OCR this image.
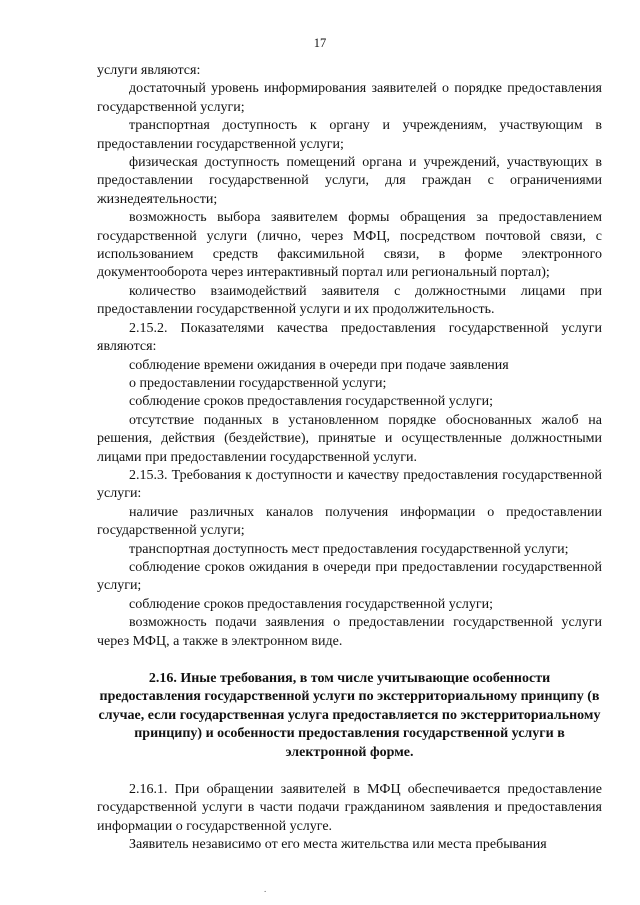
17

услуги являются:

достаточный уровень информирования заявителей о порядке предоставления государственной услуги;

транспортная доступность к органу и учреждениям, участвующим в предоставлении государственной услуги;

физическая доступность помещений органа и учреждений, участвующих в предоставлении государственной услуги, для граждан с ограничениями жизнедеятельности;

возможность выбора заявителем формы обращения за предоставлением государственной услуги (лично, через МФЦ, посредством почтовой связи, с использованием средств факсимильной связи, в форме электронного документооборота через интерактивный портал или региональный портал);

количество взаимодействий заявителя с должностными лицами при предоставлении государственной услуги и их продолжительность.

2.15.2. Показателями качества предоставления государственной услуги являются:

соблюдение времени ожидания в очереди при подаче заявления

о предоставлении государственной услуги;

соблюдение сроков предоставления государственной услуги;

отсутствие поданных в установленном порядке обоснованных жалоб на решения, действия (бездействие), принятые и осуществленные должностными лицами при предоставлении государственной услуги.

2.15.3. Требования к доступности и качеству предоставления государственной услуги:

наличие различных каналов получения информации о предоставлении государственной услуги;

транспортная доступность мест предоставления государственной услуги;

соблюдение сроков ожидания в очереди при предоставлении государственной услуги;

соблюдение сроков предоставления государственной услуги;

возможность подачи заявления о предоставлении государственной услуги через МФЦ, а также в электронном виде.

2.16. Иные требования, в том числе учитывающие особенности предоставления государственной услуги по экстерриториальному принципу (в случае, если государственная услуга предоставляется по экстерриториальному принципу) и особенности предоставления государственной услуги в электронной форме.

2.16.1. При обращении заявителей в МФЦ обеспечивается предоставление государственной услуги в части подачи гражданином заявления и предоставления информации о государственной услуге.

Заявитель независимо от его места жительства или места пребывания

.
